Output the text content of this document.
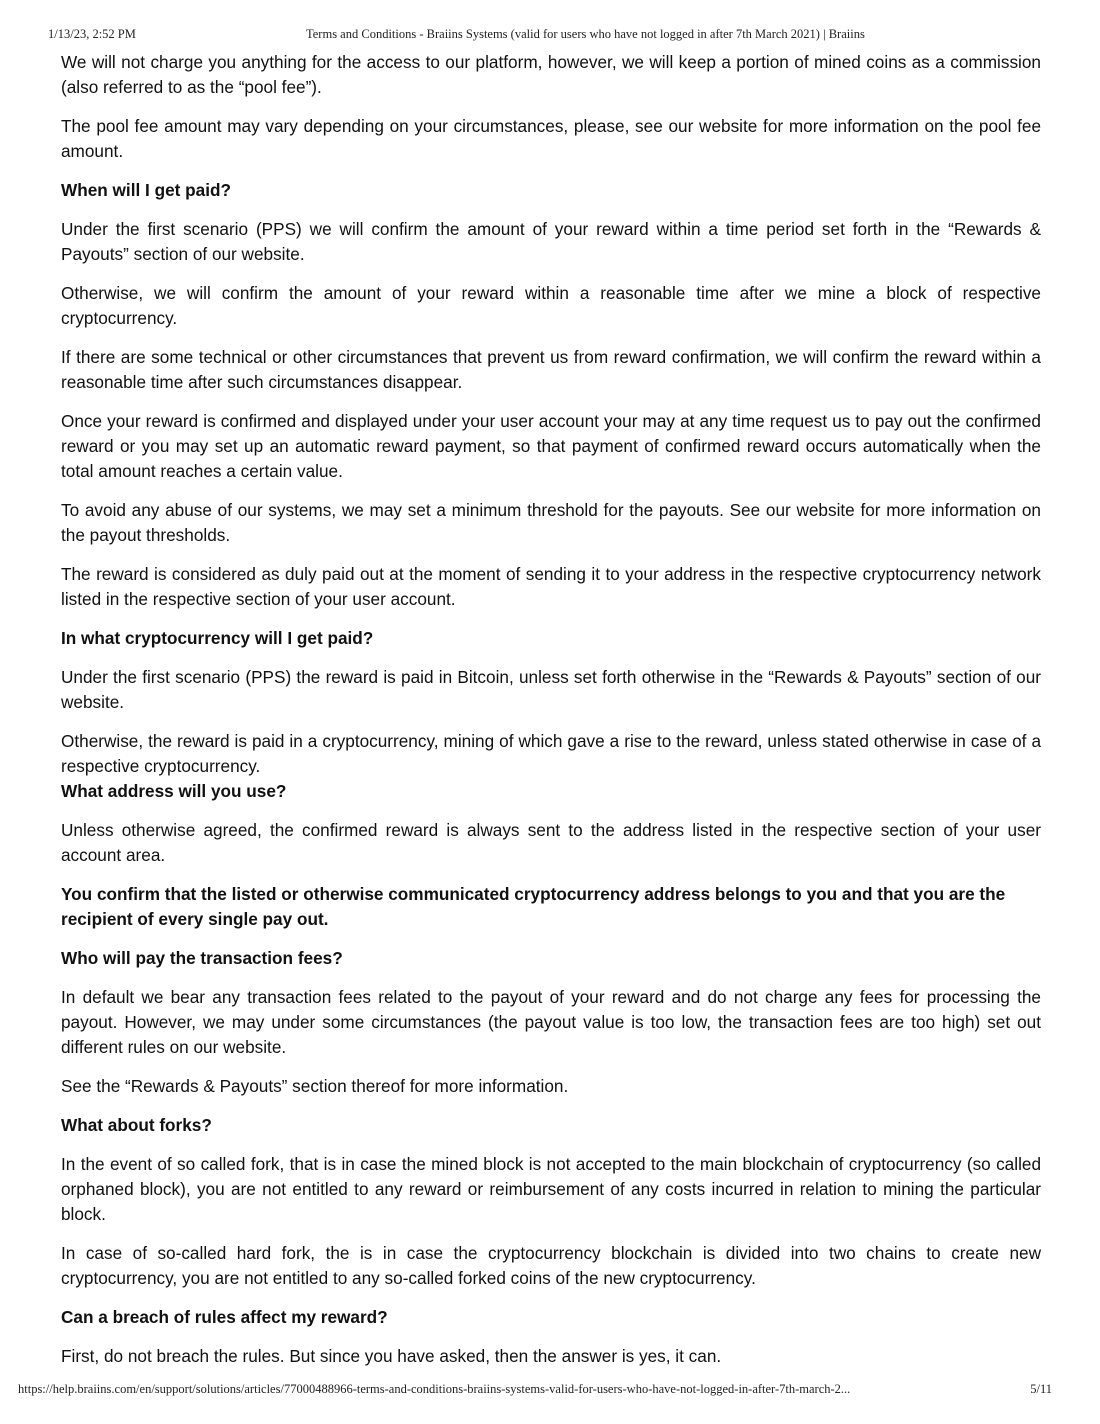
1/13/23, 2:52 PM	Terms and Conditions - Braiins Systems (valid for users who have not logged in after 7th March 2021) | Braiins

We will not charge you anything for the access to our platform, however, we will keep a portion of mined coins as a commission (also referred to as the “pool fee”).

The pool fee amount may vary depending on your circumstances, please, see our website for more information on the pool fee amount.

When will I get paid?

Under the first scenario (PPS) we will confirm the amount of your reward within a time period set forth in the “Rewards & Payouts” section of our website.

Otherwise, we will confirm the amount of your reward within a reasonable time after we mine a block of respective cryptocurrency.

If there are some technical or other circumstances that prevent us from reward confirmation, we will confirm the reward within a reasonable time after such circumstances disappear.

Once your reward is confirmed and displayed under your user account your may at any time request us to pay out the confirmed reward or you may set up an automatic reward payment, so that payment of confirmed reward occurs automatically when the total amount reaches a certain value.

To avoid any abuse of our systems, we may set a minimum threshold for the payouts. See our website for more information on the payout thresholds.

The reward is considered as duly paid out at the moment of sending it to your address in the respective cryptocurrency network listed in the respective section of your user account.

In what cryptocurrency will I get paid?

Under the first scenario (PPS) the reward is paid in Bitcoin, unless set forth otherwise in the “Rewards & Payouts” section of our website.

Otherwise, the reward is paid in a cryptocurrency, mining of which gave a rise to the reward, unless stated otherwise in case of a respective cryptocurrency.

What address will you use?

Unless otherwise agreed, the confirmed reward is always sent to the address listed in the respective section of your user account area.

You confirm that the listed or otherwise communicated cryptocurrency address belongs to you and that you are the recipient of every single pay out.

Who will pay the transaction fees?

In default we bear any transaction fees related to the payout of your reward and do not charge any fees for processing the payout. However, we may under some circumstances (the payout value is too low, the transaction fees are too high) set out different rules on our website.

See the “Rewards & Payouts” section thereof for more information.

What about forks?

In the event of so called fork, that is in case the mined block is not accepted to the main blockchain of cryptocurrency (so called orphaned block), you are not entitled to any reward or reimbursement of any costs incurred in relation to mining the particular block.

In case of so-called hard fork, the is in case the cryptocurrency blockchain is divided into two chains to create new cryptocurrency, you are not entitled to any so-called forked coins of the new cryptocurrency.

Can a breach of rules affect my reward?

First, do not breach the rules. But since you have asked, then the answer is yes, it can.

https://help.braiins.com/en/support/solutions/articles/77000488966-terms-and-conditions-braiins-systems-valid-for-users-who-have-not-logged-in-after-7th-march-2...	5/11
